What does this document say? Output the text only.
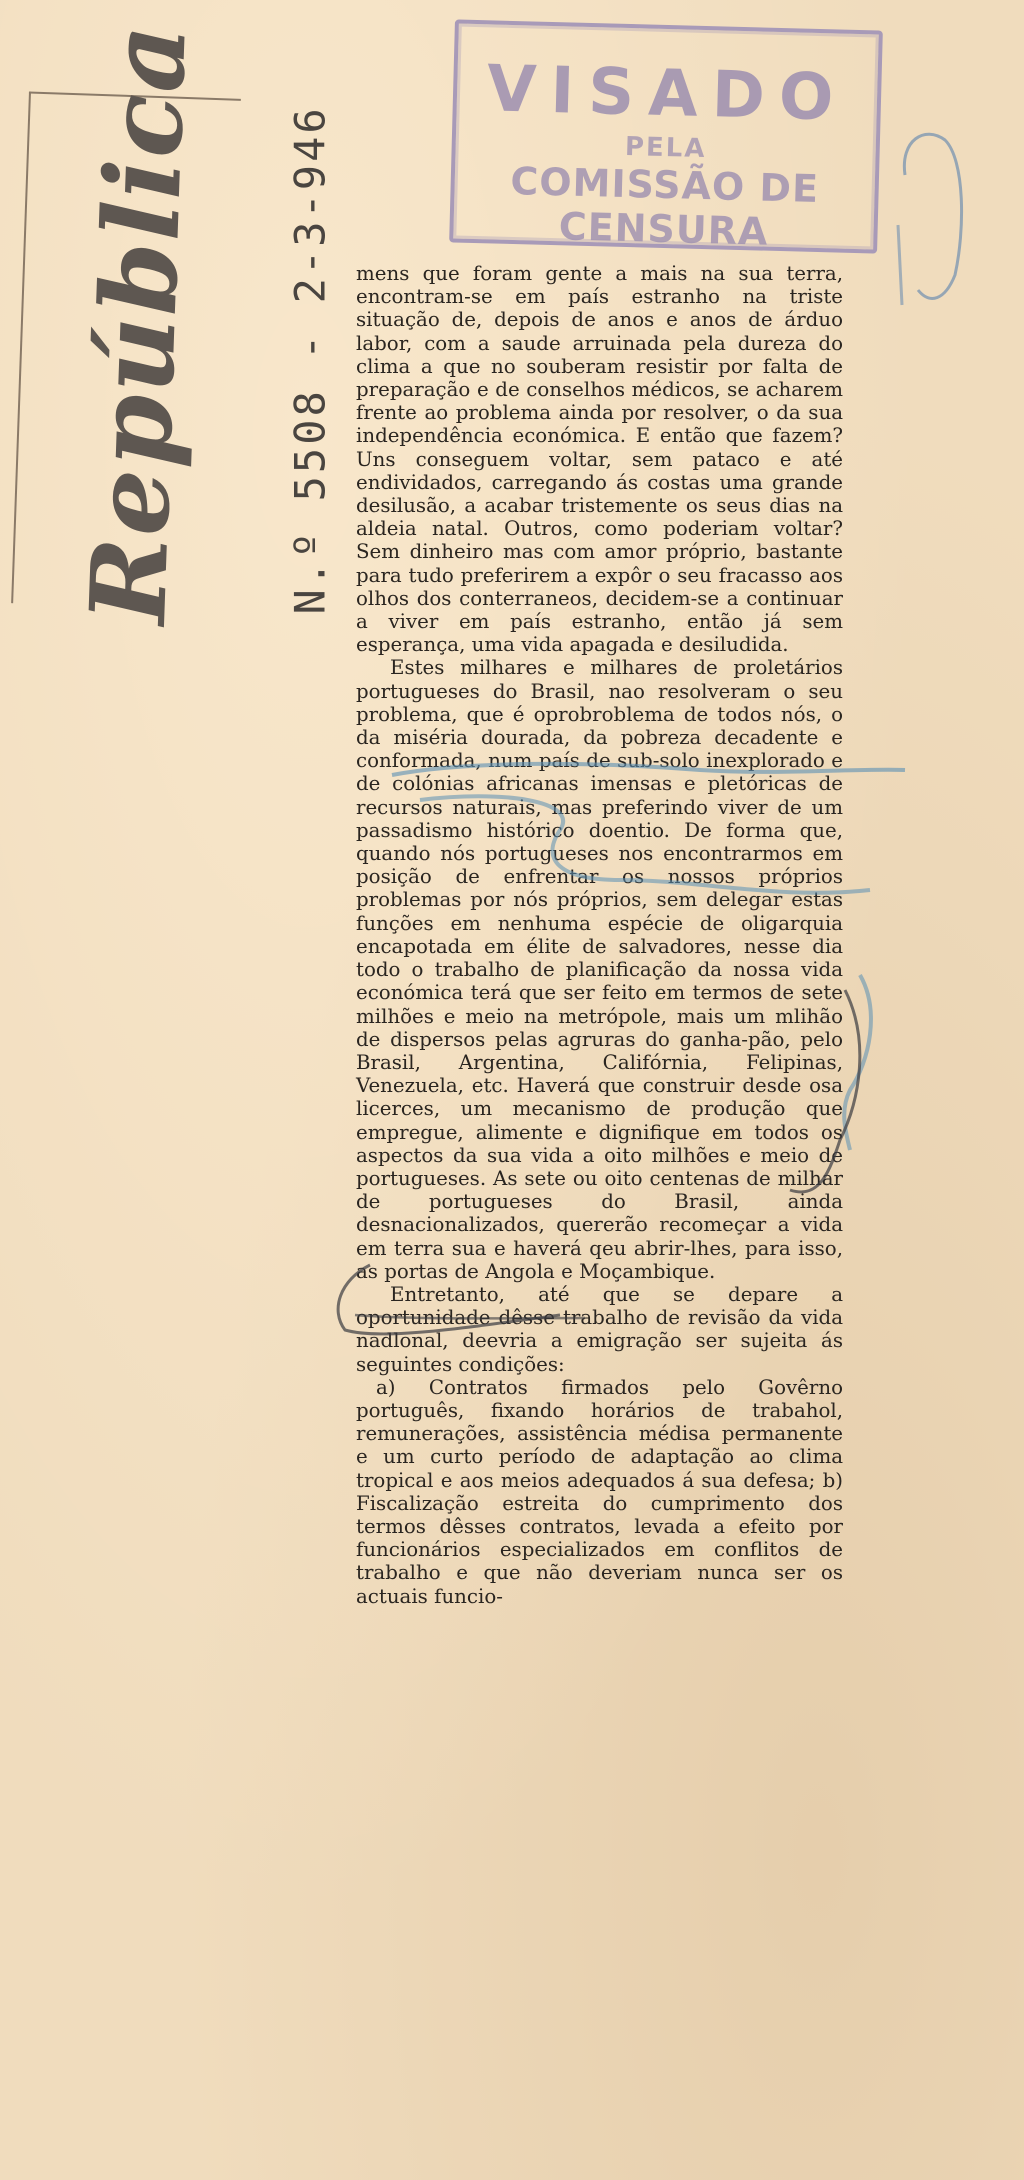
República N.º 5508 - 2-3-946
VISADO
PELA
COMISSÃO DE CENSURA

mens que foram gente a mais na sua terra, encontram-se em país estranho na triste situação de, depois de anos e anos de árduo labor, com a saude arruinada pela dureza do clima a que no souberam resistir por falta de preparação e de conselhos médicos, se acharem frente ao problema ainda por resolver, o da sua independência económica. E então que fazem? Uns conseguem voltar, sem pataco e até endividados, carregando ás costas uma grande desilusão, a acabar tristemente os seus dias na aldeia natal. Outros, como poderiam voltar? Sem dinheiro mas com amor próprio, bastante para tudo preferirem a expôr o seu fracasso aos olhos dos conterraneos, decidem-se a continuar a viver em país estranho, então já sem esperança, uma vida apagada e desiludida.

Estes milhares e milhares de proletários portugueses do Brasil, nao resolveram o seu problema, que é oprobroblema de todos nós, o da miséria dourada, da pobreza decadente e conformada, num país de sub-solo inexplorado e de colónias africanas imensas e pletóricas de recursos naturais, mas preferindo viver de um passadismo histórico doentio. De forma que, quando nós portugueses nos encontrarmos em posição de enfrentar os nossos próprios problemas por nós próprios, sem delegar estas funções em nenhuma espécie de oligarquia encapotada em élite de salvadores, nesse dia todo o trabalho de planificação da nossa vida económica terá que ser feito em termos de sete milhões e meio na metrópole, mais um mlihão de dispersos pelas agruras do ganha-pão, pelo Brasil, Argentina, Califórnia, Felipinas, Venezuela, etc. Haverá que construir desde osa licerces, um mecanismo de produção que empregue, alimente e dignifique em todos os aspectos da sua vida a oito milhões e meio de portugueses. As sete ou oito centenas de milhar de portugueses do Brasil, ainda desnacionalizados, quererão recomeçar a vida em terra sua e haverá qeu abrir-lhes, para isso, as portas de Angola e Moçambique.

Entretanto, até que se depare a oportunidade dêsse trabalho de revisão da vida nadlonal, deevria a emigração ser sujeita ás seguintes condições:

a) Contratos firmados pelo Govêrno português, fixando horários de trabahol, remunerações, assistência médisa permanente e um curto período de adaptação ao clima tropical e aos meios adequados á sua defesa; b) Fiscalização estreita do cumprimento dos termos dêsses contratos, levada a efeito por funcionários especializados em conflitos de trabalho e que não deveriam nunca ser os actuais funcio-
